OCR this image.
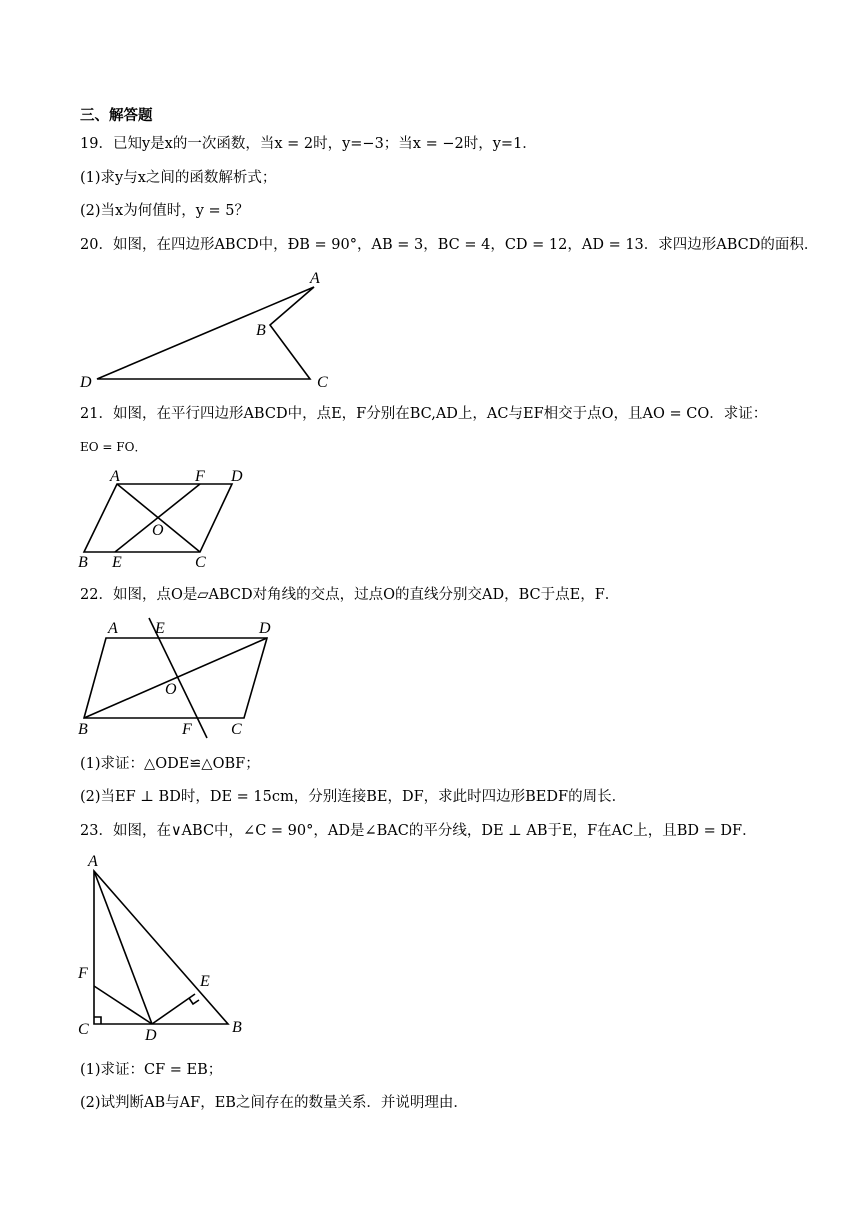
三、解答题
19．已知y是x的一次函数，当x = 2时，y=−3；当x = −2时，y=1．
(1)求y与x之间的函数解析式；
(2)当x为何值时，y = 5？
20．如图，在四边形ABCD中，ÐB = 90°，AB = 3，BC = 4，CD = 12，AD = 13．求四边形ABCD的面积．
A
B
C
D
21．如图，在平行四边形ABCD中，点E，F分别在BC,AD上，AC与EF相交于点O，且AO = CO．求证：
EO = FO．
A	F D
O
B E	C
22．如图，点O是▱ABCD对角线的交点，过点O的直线分别交AD，BC于点E，F．
A E	D
O
B	F C
(1)求证：△ODE≌△OBF；
(2)当EF ⊥ BD时，DE = 15cm，分别连接BE，DF，求此时四边形BEDF的周长．
23．如图，在∨ABC中，∠C = 90°，AD是∠BAC的平分线，DE ⊥ AB于E，F在AC上，且BD = DF．
A
F	E
C	D	B
(1)求证：CF = EB；
(2)试判断AB与AF，EB之间存在的数量关系．并说明理由．
